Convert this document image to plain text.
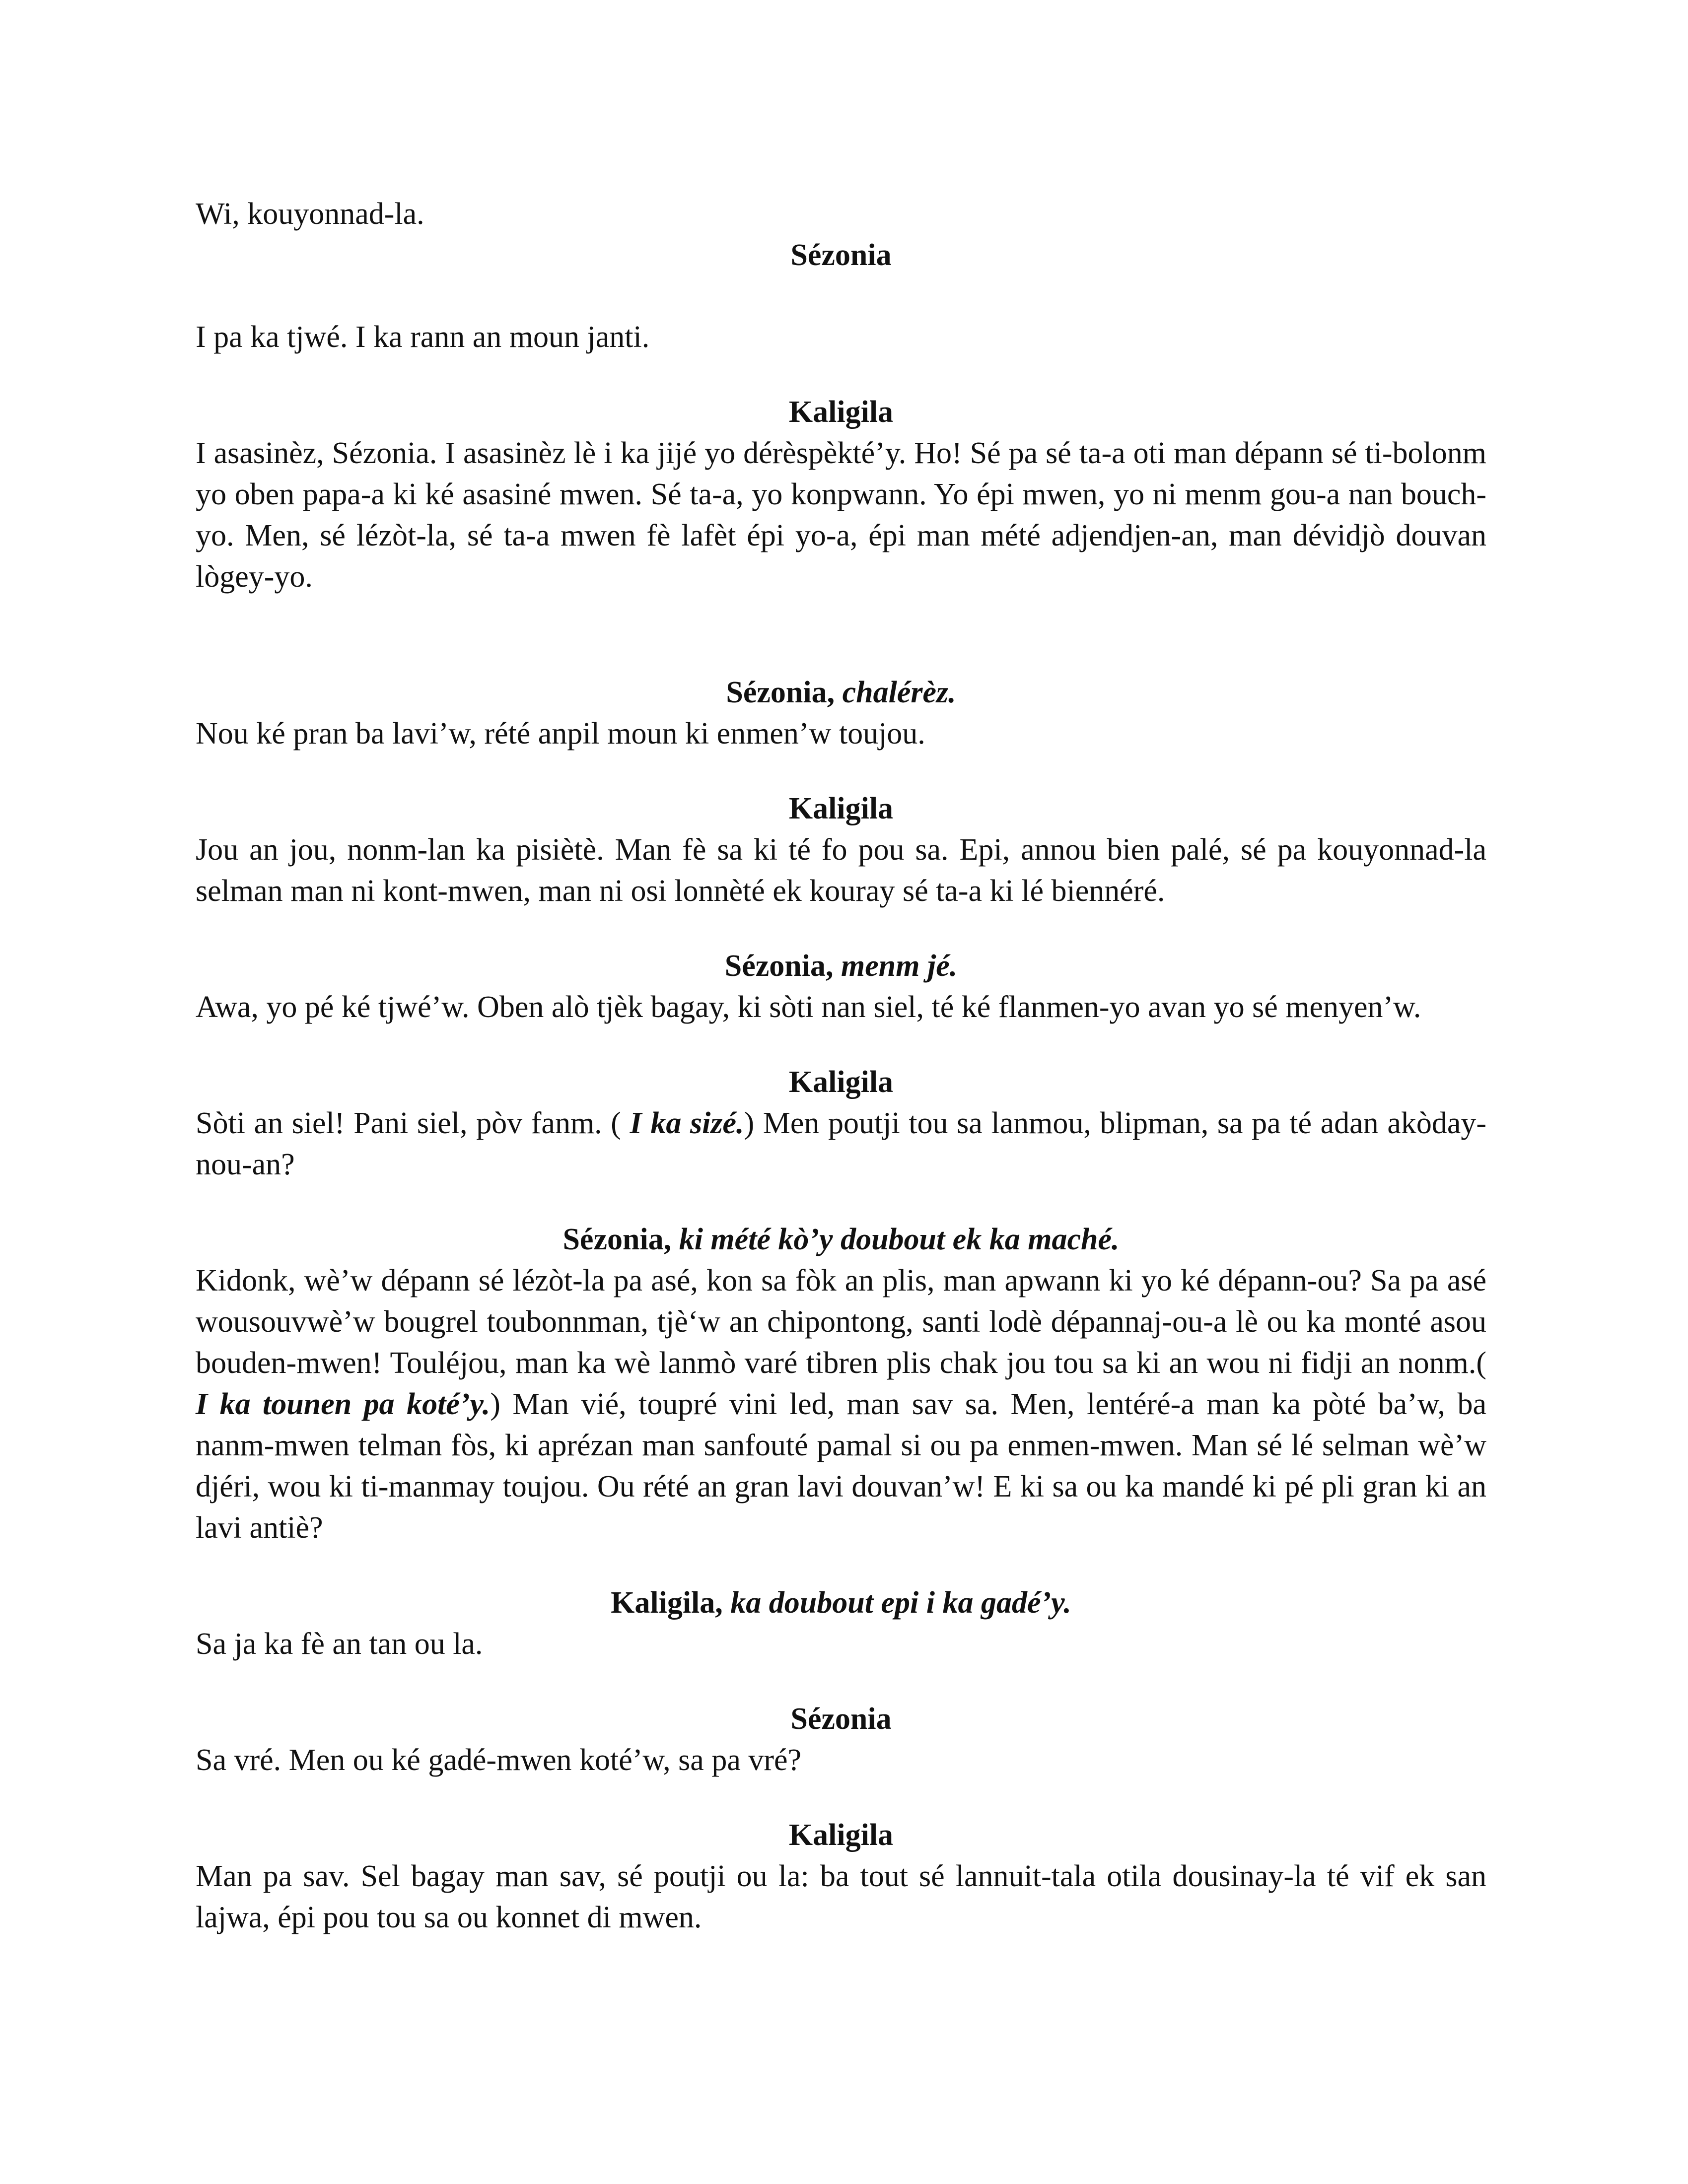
Wi, kouyonnad-la.

Sézonia

I pa ka tjwé. I ka rann an moun janti.

Kaligila

I asasinèz, Sézonia. I asasinèz lè i ka jijé yo dérèspèkté’y. Ho! Sé pa sé ta-a oti man dépann sé ti-bolonm yo oben papa-a ki ké asasiné mwen. Sé ta-a, yo konpwann. Yo épi mwen, yo ni menm gou-a nan bouch-yo. Men, sé lézòt-la, sé ta-a mwen fè lafèt épi yo-a, épi man mété adjendjen-an, man dévidjò douvan lògey-yo.

Sézonia, chalérèz.

Nou ké pran ba lavi’w, rété anpil moun ki enmen’w toujou.

Kaligila

Jou an jou, nonm-lan ka pisiètè. Man fè sa ki té fo pou sa. Epi, annou bien palé, sé pa kouyonnad-la selman man ni kont-mwen, man ni osi lonnèté ek kouray sé ta-a ki lé biennéré.

Sézonia, menm jé.

Awa, yo pé ké tjwé’w. Oben alò tjèk bagay, ki sòti nan siel, té ké flanmen-yo avan yo sé menyen’w.

Kaligila

Sòti an siel! Pani siel, pòv fanm. ( I ka sizé.) Men poutji tou sa lanmou, blipman, sa pa té adan akòday-nou-an?

Sézonia, ki mété kò’y doubout ek ka maché.

Kidonk, wè’w dépann sé lézòt-la pa asé, kon sa fòk an plis, man apwann ki yo ké dépann-ou? Sa pa asé wousouvwè’w bougrel toubonnman, tjè‘w an chipontong, santi lodè dépannaj-ou-a lè ou ka monté asou bouden-mwen! Touléjou, man ka wè lanmò varé tibren plis chak jou tou sa ki an wou ni fidji an nonm.( I ka tounen pa koté’y.) Man vié, toupré vini led, man sav sa. Men, lentéré-a man ka pòté ba’w, ba nanm-mwen telman fòs, ki aprézan man sanfouté pamal si ou pa enmen-mwen. Man sé lé selman wè’w djéri, wou ki ti-manmay toujou. Ou rété an gran lavi douvan’w! E ki sa ou ka mandé ki pé pli gran ki an lavi antiè?

Kaligila, ka doubout epi i ka gadé’y.

Sa ja ka fè an tan ou la.

Sézonia

Sa vré. Men ou ké gadé-mwen koté’w, sa pa vré?

Kaligila

Man pa sav. Sel bagay man sav, sé poutji ou la: ba tout sé lannuit-tala otila dousinay-la té vif ek san lajwa, épi pou tou sa ou konnet di mwen.
